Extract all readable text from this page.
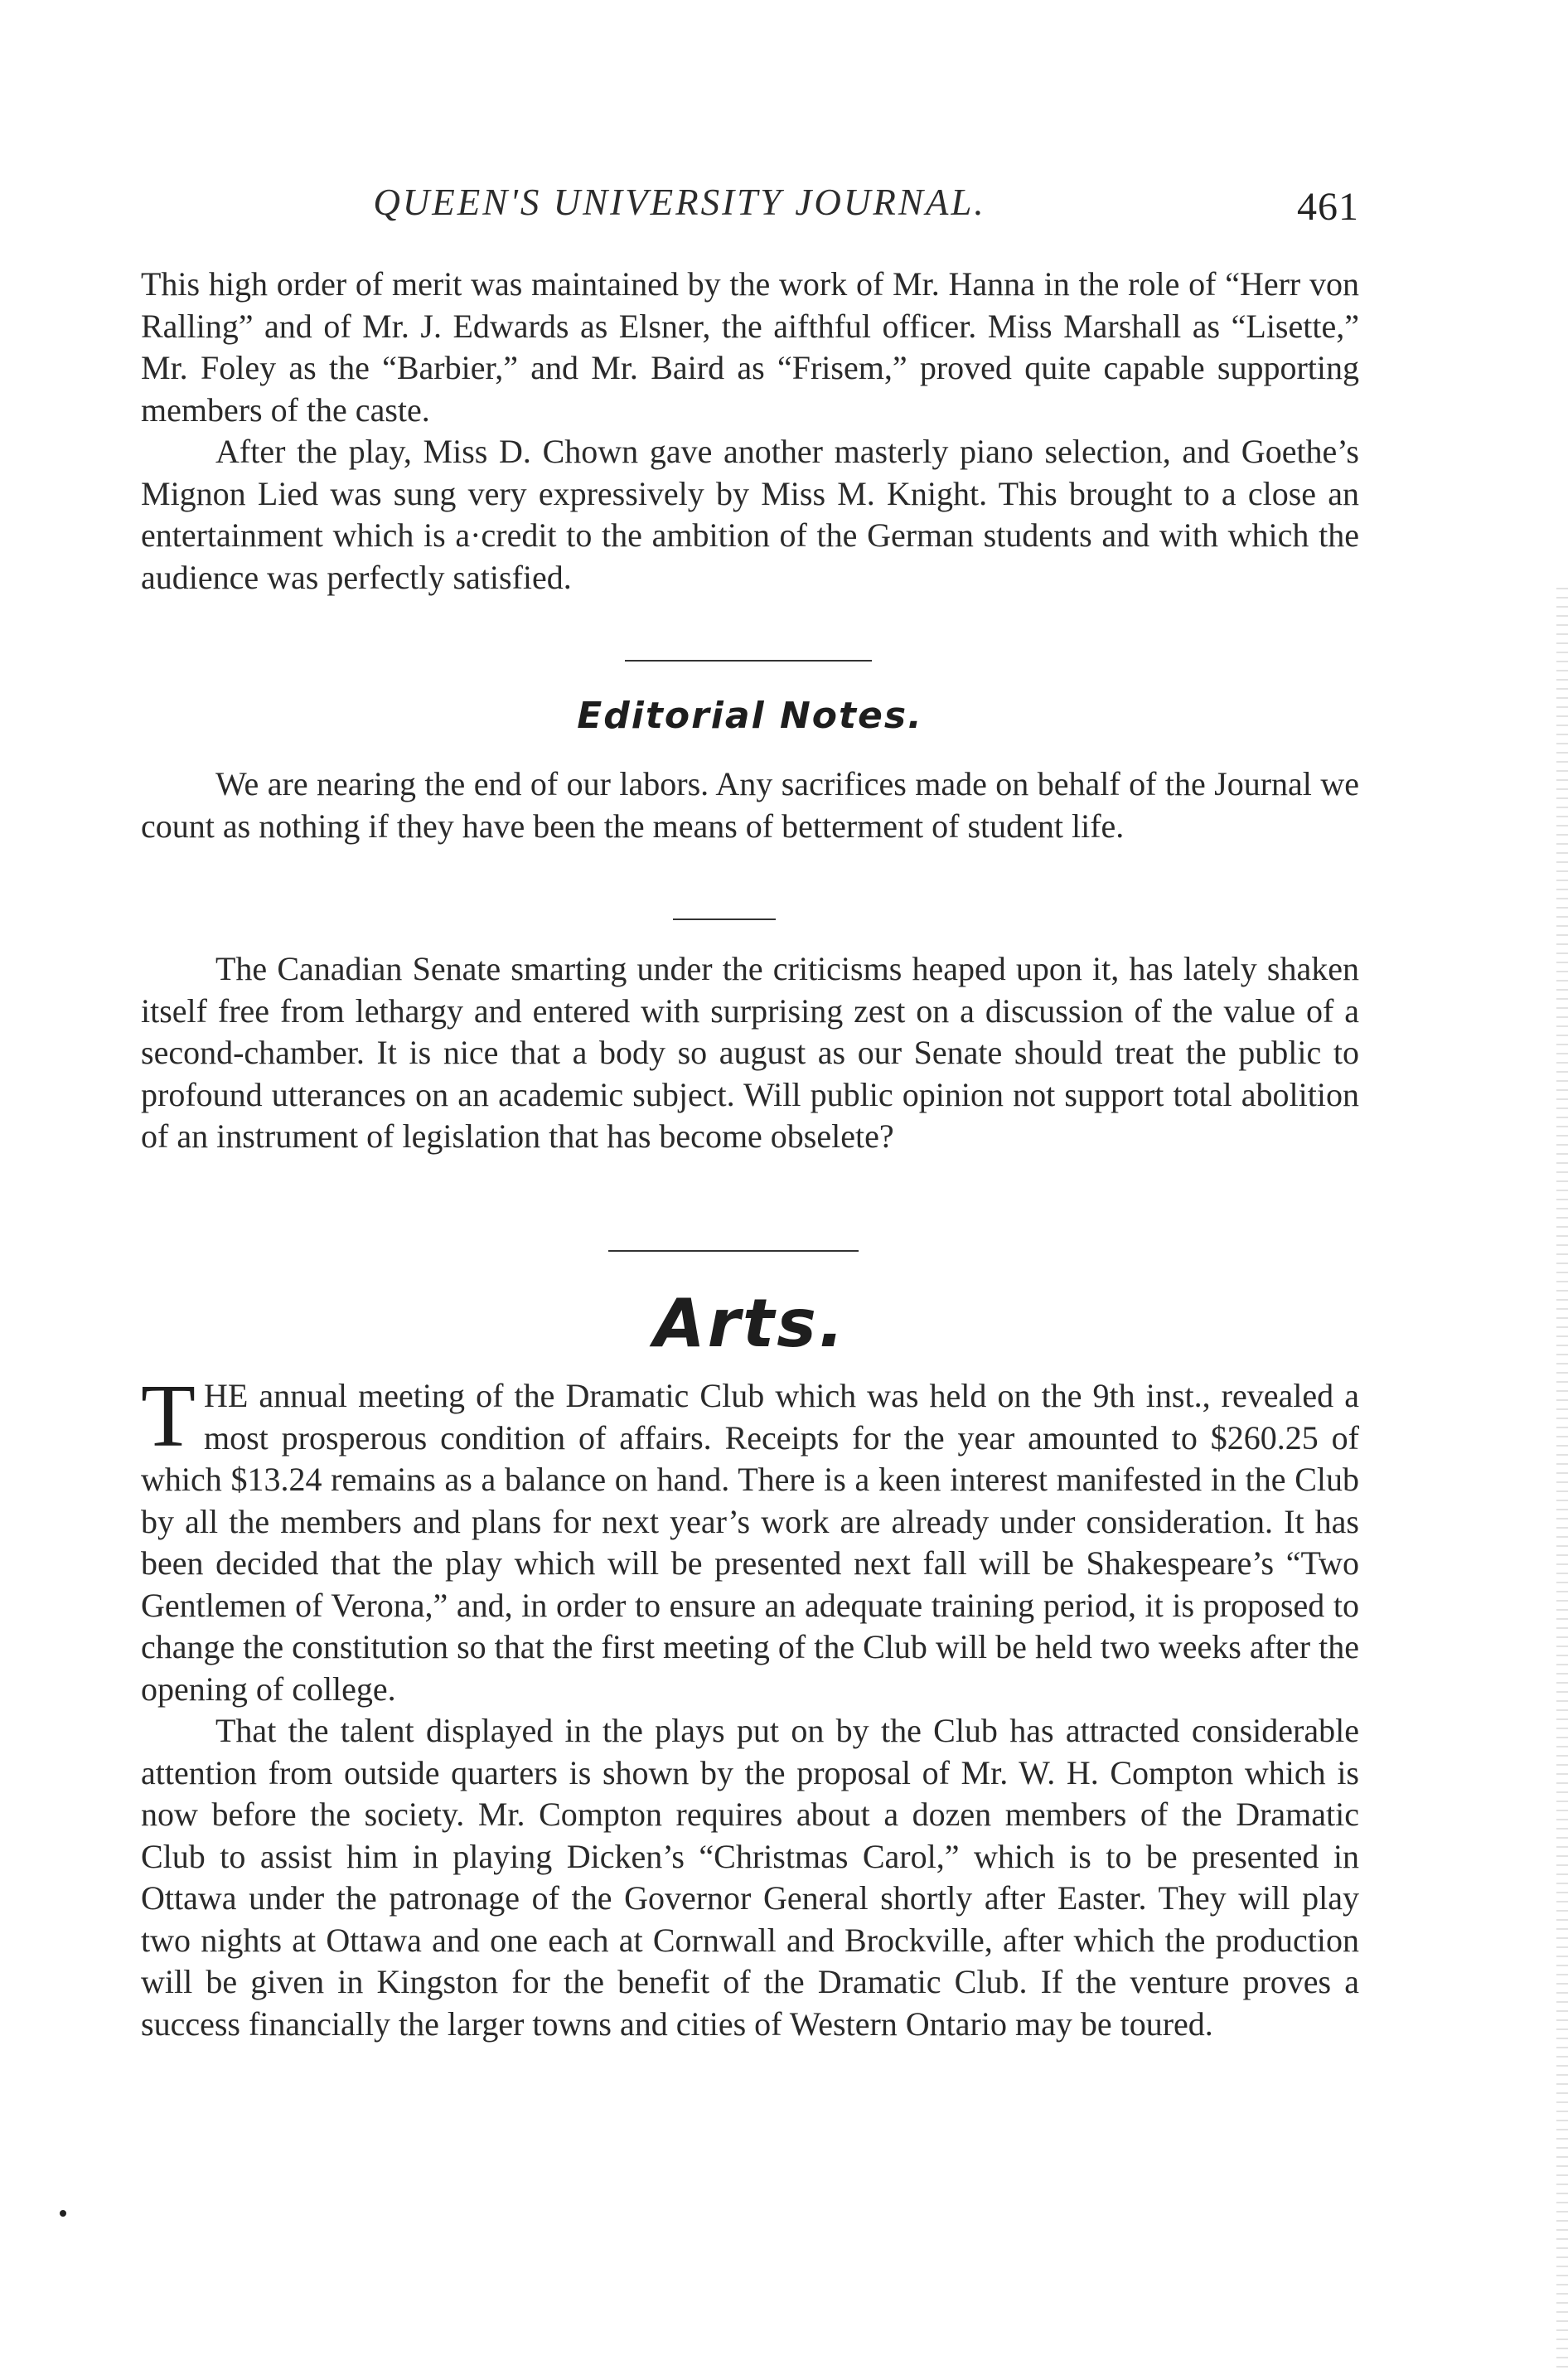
QUEEN'S UNIVERSITY JOURNAL.	461

This high order of merit was maintained by the work of Mr. Hanna in the role of “Herr von Ralling” and of Mr. J. Edwards as Elsner, the aifthful officer. Miss Marshall as “Lisette,” Mr. Foley as the “Barbier,” and Mr. Baird as “Frisem,” proved quite capable supporting members of the caste.

After the play, Miss D. Chown gave another masterly piano selection, and Goethe’s Mignon Lied was sung very expressively by Miss M. Knight. This brought to a close an entertainment which is a·credit to the ambition of the German students and with which the audience was perfectly satisfied.

Editorial Notes.

We are nearing the end of our labors. Any sacrifices made on behalf of the Journal we count as nothing if they have been the means of betterment of student life.

The Canadian Senate smarting under the criticisms heaped upon it, has lately shaken itself free from lethargy and entered with surprising zest on a discussion of the value of a second-chamber. It is nice that a body so august as our Senate should treat the public to profound utterances on an academic subject. Will public opinion not support total abolition of an instrument of legislation that has become obselete?

Arts.

THE annual meeting of the Dramatic Club which was held on the 9th inst., revealed a most prosperous condition of affairs. Receipts for the year amounted to $260.25 of which $13.24 remains as a balance on hand. There is a keen interest manifested in the Club by all the members and plans for next year’s work are already under consideration. It has been decided that the play which will be presented next fall will be Shakespeare’s “Two Gentlemen of Verona,” and, in order to ensure an adequate training period, it is proposed to change the constitution so that the first meeting of the Club will be held two weeks after the opening of college.

That the talent displayed in the plays put on by the Club has attracted considerable attention from outside quarters is shown by the proposal of Mr. W. H. Compton which is now before the society. Mr. Compton requires about a dozen members of the Dramatic Club to assist him in playing Dicken’s “Christmas Carol,” which is to be presented in Ottawa under the patronage of the Governor General shortly after Easter. They will play two nights at Ottawa and one each at Cornwall and Brockville, after which the production will be given in Kingston for the benefit of the Dramatic Club. If the venture proves a success financially the larger towns and cities of Western Ontario may be toured.
